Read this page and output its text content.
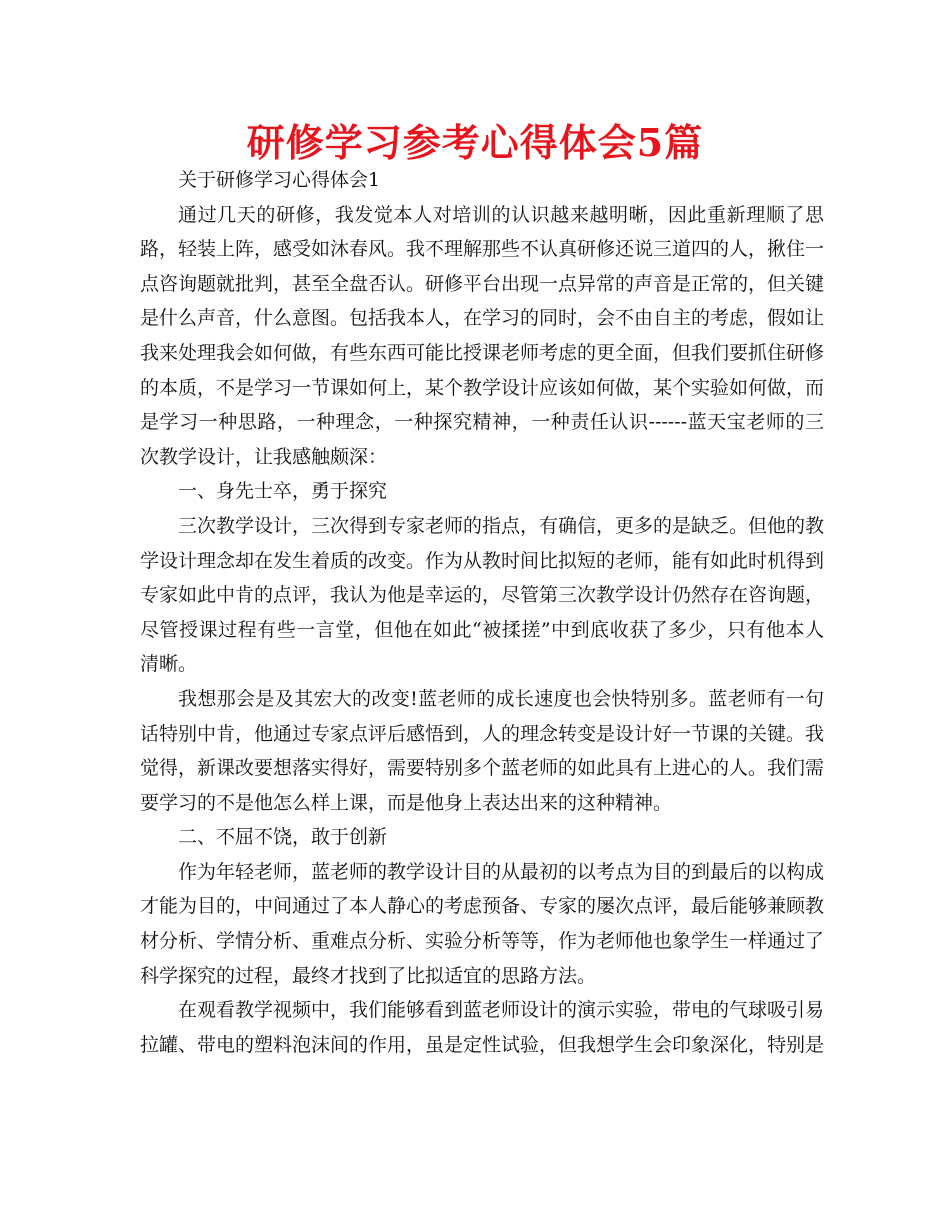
研修学习参考心得体会5篇

关于研修学习心得体会1

通过几天的研修，我发觉本人对培训的认识越来越明晰，因此重新理顺了思路，轻装上阵，感受如沐春风。我不理解那些不认真研修还说三道四的人，揪住一点咨询题就批判，甚至全盘否认。研修平台出现一点异常的声音是正常的，但关键是什么声音，什么意图。包括我本人，在学习的同时，会不由自主的考虑，假如让我来处理我会如何做，有些东西可能比授课老师考虑的更全面，但我们要抓住研修的本质，不是学习一节课如何上，某个教学设计应该如何做，某个实验如何做，而是学习一种思路，一种理念，一种探究精神，一种责任认识------蓝天宝老师的三次教学设计，让我感触颇深：

一、身先士卒，勇于探究

三次教学设计，三次得到专家老师的指点，有确信，更多的是缺乏。但他的教学设计理念却在发生着质的改变。作为从教时间比拟短的老师，能有如此时机得到专家如此中肯的点评，我认为他是幸运的，尽管第三次教学设计仍然存在咨询题，尽管授课过程有些一言堂，但他在如此“被揉搓”中到底收获了多少，只有他本人清晰。

我想那会是及其宏大的改变!蓝老师的成长速度也会快特别多。蓝老师有一句话特别中肯，他通过专家点评后感悟到，人的理念转变是设计好一节课的关键。我觉得，新课改要想落实得好，需要特别多个蓝老师的如此具有上进心的人。我们需要学习的不是他怎么样上课，而是他身上表达出来的这种精神。

二、不屈不饶，敢于创新

作为年轻老师，蓝老师的教学设计目的从最初的以考点为目的到最后的以构成才能为目的，中间通过了本人静心的考虑预备、专家的屡次点评，最后能够兼顾教材分析、学情分析、重难点分析、实验分析等等，作为老师他也象学生一样通过了科学探究的过程，最终才找到了比拟适宜的思路方法。

在观看教学视频中，我们能够看到蓝老师设计的演示实验，带电的气球吸引易拉罐、带电的塑料泡沫间的作用，虽是定性试验，但我想学生会印象深化，特别是
